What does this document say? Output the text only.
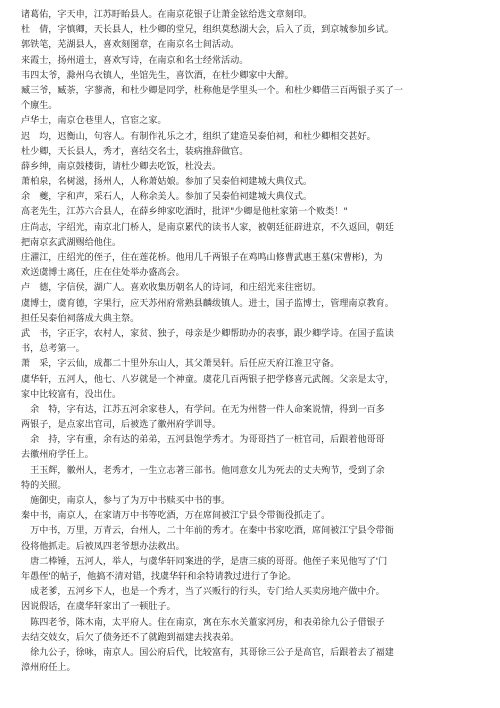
诸葛佑，字天申，江苏盱眙县人。在南京花银子让萧金铉给选文章刻印。
杜　倩，字慎卿，天长县人，杜少卿的堂兄，组织莫愁湖大会，后入了贡，到京城参加乡试。
郭铁笔，芜湖县人，喜欢刻图章，在南京名士间活动。
来霞士，扬州道士，喜欢写诗，在南京和名士经常活动。
韦四太爷，滁州乌衣镇人，坐馆先生，喜饮酒，在杜少卿家中大醉。
臧三爷，臧荼，字蓼斋，和杜少卿是同学，杜称他是学里头一个。和杜少卿借三百两银子买了一
个廪生。
卢华士，南京仓巷里人，官宦之家。
迟　均，迟衡山，句容人。有制作礼乐之才，组织了建造吴泰伯祠，和杜少卿相交甚好。
杜少卿，天长县人，秀才，喜结交名士，装病推辞做官。
薛乡绅，南京鼓楼街，请杜少卿去吃饭，杜没去。
萧柏泉，名树滋，扬州人，人称萧姑娘。参加了吴泰伯祠建城大典仪式。
余　夔，字和声，采石人，人称余美人。参加了吴泰伯祠建城大典仪式。
高老先生，江苏六合县人，在薛乡绅家吃酒时，批评"少卿是他杜家第一个败类！"
庄尚志，字绍光，南京北门桥人，是南京累代的读书人家，被朝廷征辟进京，不久返回，朝廷
把南京玄武湖赐给他住。
庄濯江，庄绍光的侄子，住在莲花桥。他用几千两银子在鸡鸣山修曹武惠王墓(宋曹彬)，为
欢送虞博士离任，庄在住处举办盛高会。
卢　德，字信侯，湖广人。喜欢收集历朝名人的诗词，和庄绍光来往密切。
虞博士，虞育德，字果行，应天苏州府常熟县麟绂镇人。进士，国子监博士，管理南京教育。
担任吴泰伯祠落成大典主祭。
武　书，字正字，农村人，家贫、独子，母亲是少卿帮助办的表事，跟少卿学诗。在国子监读
书，总考第一。
萧　采，字云仙，成都二十里外东山人，其父萧昊轩。后任应天府江淮卫守备。
虞华轩，五河人，他七、八岁就是一个神童。虞花几百两银子把学修喜元武阁。父亲是太守，
家中比较富有，没出仕。
　余　特，字有达，江苏五河余家巷人，有学问。在无为州替一件人命案说情，得到一百多
两银子，是点家出官司，后被选了徽州府学训导。
　余　持，字有重，余有达的弟弟，五河县饱学秀才。为哥哥挡了一桩官司，后跟着他哥哥
去徽州府学任上。
　王玉辉，徽州人，老秀才，一生立志著三部书。他同意女儿为死去的丈夫殉节，受到了余
特的关照。
　施御史，南京人，参与了为万中书赎买中书的事。
秦中书，南京人，在家请万中书等吃酒，万在席间被江宁县令带衙役抓走了。
　万中书，万里，万青云，台州人，二十年前的秀才。在秦中书家吃酒，席间被江宁县令带衙
役将他抓走。后被凤四老爷想办法救出。
　唐二棒锤，五河人，举人，与虞华轩同案进的学，是唐三痰的哥哥。他侄子来见他写了'门
年愚侄'的帖子，他搞不清对错，找虞华轩和余特请教过进行了争论。
　成老爹，五河乡下人，也是一个秀才，当了兴贩行的行头，专门给人买卖房地产做中介。
因说假话，在虞华轩家出了一顿肚子。
　陈四老爷，陈木南，太平府人。住在南京，寓在东水关董家河房，和表弟徐九公子借银子
去结交妓女，后欠了债务还不了就跑到福建去找表弟。
　徐九公子，徐咏，南京人。国公府后代，比较富有，其哥徐三公子是高官，后跟着去了福建
漳州府任上。
